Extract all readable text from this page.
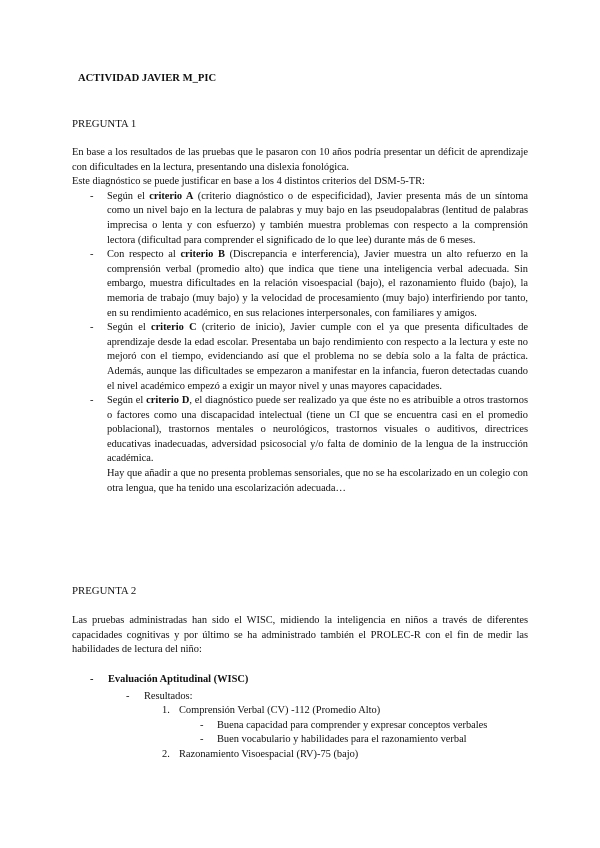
ACTIVIDAD JAVIER M_PIC
PREGUNTA 1

En base a los resultados de las pruebas que le pasaron con 10 años podría presentar un déficit de aprendizaje con dificultades en la lectura, presentando una dislexia fonológica.

Este diagnóstico se puede justificar en base a los 4 distintos criterios del DSM-5-TR:

- Según el criterio A (criterio diagnóstico o de especificidad), Javier presenta más de un síntoma como un nivel bajo en la lectura de palabras y muy bajo en las pseudopalabras (lentitud de palabras imprecisa o lenta y con esfuerzo) y también muestra problemas con respecto a la comprensión lectora (dificultad para comprender el significado de lo que lee) durante más de 6 meses.
- Con respecto al criterio B (Discrepancia e interferencia), Javier muestra un alto refuerzo en la comprensión verbal (promedio alto) que indica que tiene una inteligencia verbal adecuada. Sin embargo, muestra dificultades en la relación visoespacial (bajo), el razonamiento fluido (bajo), la memoria de trabajo (muy bajo) y la velocidad de procesamiento (muy bajo) interfiriendo por tanto, en su rendimiento académico, en sus relaciones interpersonales, con familiares y amigos.
- Según el criterio C (criterio de inicio), Javier cumple con el ya que presenta dificultades de aprendizaje desde la edad escolar. Presentaba un bajo rendimiento con respecto a la lectura y este no mejoró con el tiempo, evidenciando así que el problema no se debía solo a la falta de práctica. Además, aunque las dificultades se empezaron a manifestar en la infancia, fueron detectadas cuando el nivel académico empezó a exigir un mayor nivel y unas mayores capacidades.
- Según el criterio D, el diagnóstico puede ser realizado ya que éste no es atribuible a otros trastornos o factores como una discapacidad intelectual (tiene un CI que se encuentra casi en el promedio poblacional), trastornos mentales o neurológicos, trastornos visuales o auditivos, directrices educativas inadecuadas, adversidad psicosocial y/o falta de dominio de la lengua de la instrucción académica.

Hay que añadir a que no presenta problemas sensoriales, que no se ha escolarizado en un colegio con otra lengua, que ha tenido una escolarización adecuada…

PREGUNTA 2
Las pruebas administradas han sido el WISC, midiendo la inteligencia en niños a través de diferentes capacidades cognitivas y por último se ha administrado también el PROLEC-R con el fin de medir las habilidades de lectura del niño:
- Evaluación Aptitudinal (WISC)
- Resultados:
1. Comprensión Verbal (CV) -112 (Promedio Alto)
- Buena capacidad para comprender y expresar conceptos verbales
- Buen vocabulario y habilidades para el razonamiento verbal
2. Razonamiento Visoespacial (RV)-75 (bajo)
